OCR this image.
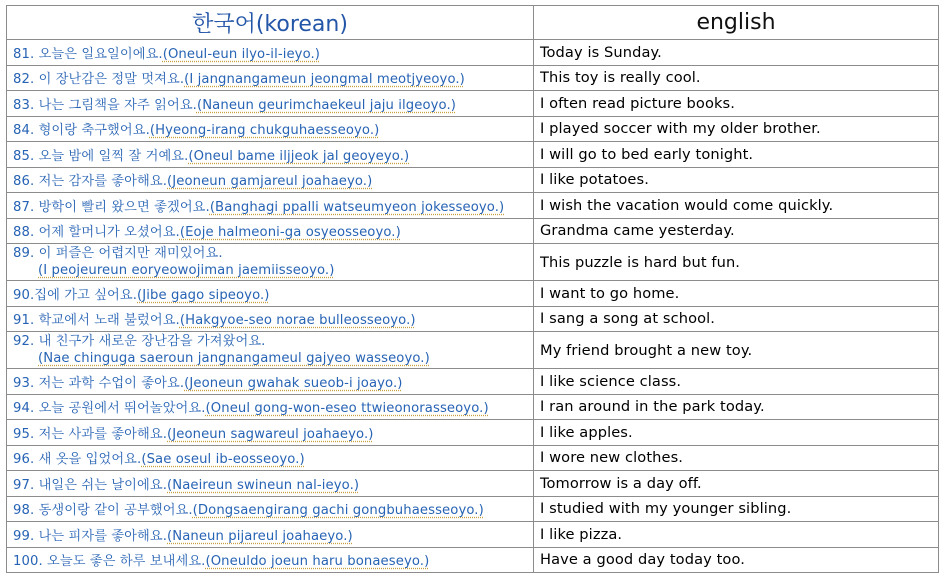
한국어(korean)	english
81. 오늘은 일요일이에요.(Oneul-eun ilyo-il-ieyo.)	Today is Sunday.
82. 이 장난감은 정말 멋져요.(I jangnangameun jeongmal meotjyeoyo.)	This toy is really cool.
83. 나는 그림책을 자주 읽어요.(Naneun geurimchaekeul jaju ilgeoyo.)	I often read picture books.
84. 형이랑 축구했어요.(Hyeong-irang chukguhaesseoyo.)	I played soccer with my older brother.
85. 오늘 밤에 일찍 잘 거예요.(Oneul bame iljjeok jal geoyeyo.)	I will go to bed early tonight.
86. 저는 감자를 좋아해요.(Jeoneun gamjareul joahaeyo.)	I like potatoes.
87. 방학이 빨리 왔으면 좋겠어요.(Banghagi ppalli watseumyeon jokesseoyo.)	I wish the vacation would come quickly.
88. 어제 할머니가 오셨어요.(Eoje halmeoni-ga osyeosseoyo.)	Grandma came yesterday.

89. 이 퍼즐은 어렵지만 재미있어요.
(I peojeureun eoryeowojiman jaemiisseoyo.)	This puzzle is hard but fun.
90.집에 가고 싶어요.(Jibe gago sipeoyo.)	I want to go home.
91. 학교에서 노래 불렀어요.(Hakgyoe-seo norae bulleosseoyo.)	I sang a song at school.

92. 내 친구가 새로운 장난감을 가져왔어요.
(Nae chinguga saeroun jangnangameul gajyeo wasseoyo.)	My friend brought a new toy.
93. 저는 과학 수업이 좋아요.(Jeoneun gwahak sueob-i joayo.)	I like science class.
94. 오늘 공원에서 뛰어놀았어요.(Oneul gong-won-eseo ttwieonorasseoyo.)	I ran around in the park today.
95. 저는 사과를 좋아해요.(Jeoneun sagwareul joahaeyo.)	I like apples.
96. 새 옷을 입었어요.(Sae oseul ib-eosseoyo.)	I wore new clothes.
97. 내일은 쉬는 날이에요.(Naeireun swineun nal-ieyo.)	Tomorrow is a day off.
98. 동생이랑 같이 공부했어요.(Dongsaengirang gachi gongbuhaesseoyo.)	I studied with my younger sibling.
99. 나는 피자를 좋아해요.(Naneun pijareul joahaeyo.)	I like pizza.
100. 오늘도 좋은 하루 보내세요.(Oneuldo joeun haru bonaeseyo.)	Have a good day today too.
